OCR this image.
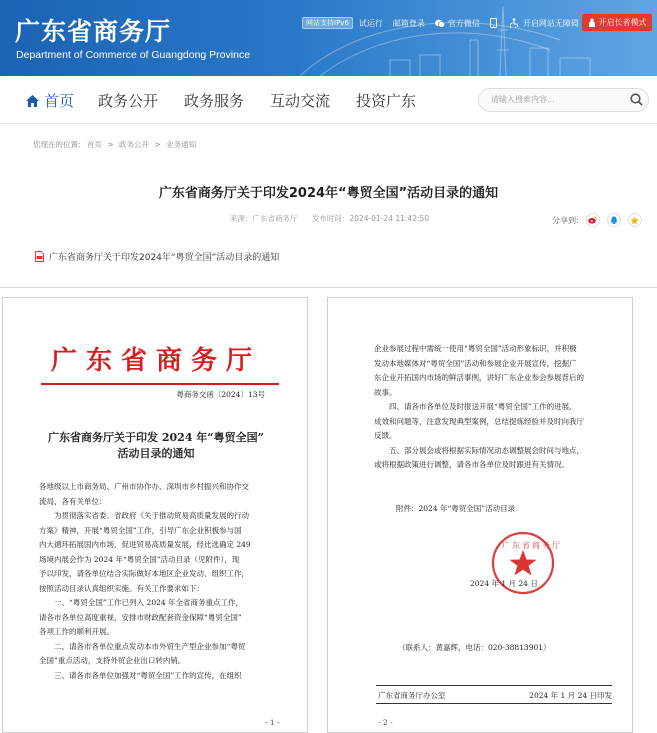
广东省商务厅
Department of Commerce of Guangdong Province
网站支持IPv6	试运行 邮箱登录	官方微信	开启网站无障碍 开启长者模式
首页 政务公开 政务服务 互动交流 投资广东	请输入搜索内容...
您现在的位置: 首页 > 政务公开 > 业务通知
广东省商务厅关于印发2024年“粤贸全国”活动目录的通知
来源：广东省商务厅 发布时间：2024-01-24 11:42:50	分享到:
广东省商务厅关于印发2024年“粤贸全国”活动目录的通知
广东省商务厅
粤商务交函〔2024〕13号
广东省商务厅关于印发 2024 年“粤贸全国”
活动目录的通知
各地级以上市商务局、广州市协作办、深圳市乡村振兴和协作交
流局，各有关单位：
　　为贯彻落实省委、省政府《关于推动贸易高质量发展的行动
方案》精神，开展“粤贸全国”工作，引导广东企业积极参与国
内大循环拓展国内市场，促进贸易高质量发展，经比选确定 249
场境内展会作为 2024 年“粤贸全国”活动目录（见附件），现
予以印发，请各单位结合实际做好本地区企业发动、组织工作，
按照活动目录认真组织实施。有关工作要求如下：
　　一、“粤贸全国”工作已列入 2024 年全省商务重点工作，
请各市各单位高度重视，安排市财政配套资金保障“粤贸全国”
各项工作的顺利开展。
　　二、请各市各单位重点发动本市外贸生产型企业参加“粤贸
全国”重点活动，支持外贸企业出口转内销。
　　三、请各市各单位加强对“粤贸全国”工作的宣传，在组织
- 1 -
企业参展过程中需统一使用“粤贸全国”活动形象标识，并积极
发动本地媒体对“粤贸全国”活动和参展企业开展宣传，挖掘广
东企业开拓国内市场的鲜活事例，讲好广东企业参会参展背后的
故事。
　　四、请各市各单位及时报送开展“粤贸全国”工作的进展、
成效和问题等，注意发现典型案例，总结提炼经验并及时向我厅
反馈。
　　五、部分展会或将根据实际情况动态调整展会时间与地点，
或将根据政策进行调整，请各市各单位及时跟进有关情况。
附件：2024 年“粤贸全国”活动目录
广东省商务厅
2024 年 1 月 24 日
（联系人：黄嘉辉，电话：020-38813901）
广东省商务厅办公室	2024 年 1 月 24 日印发
- 2 -
